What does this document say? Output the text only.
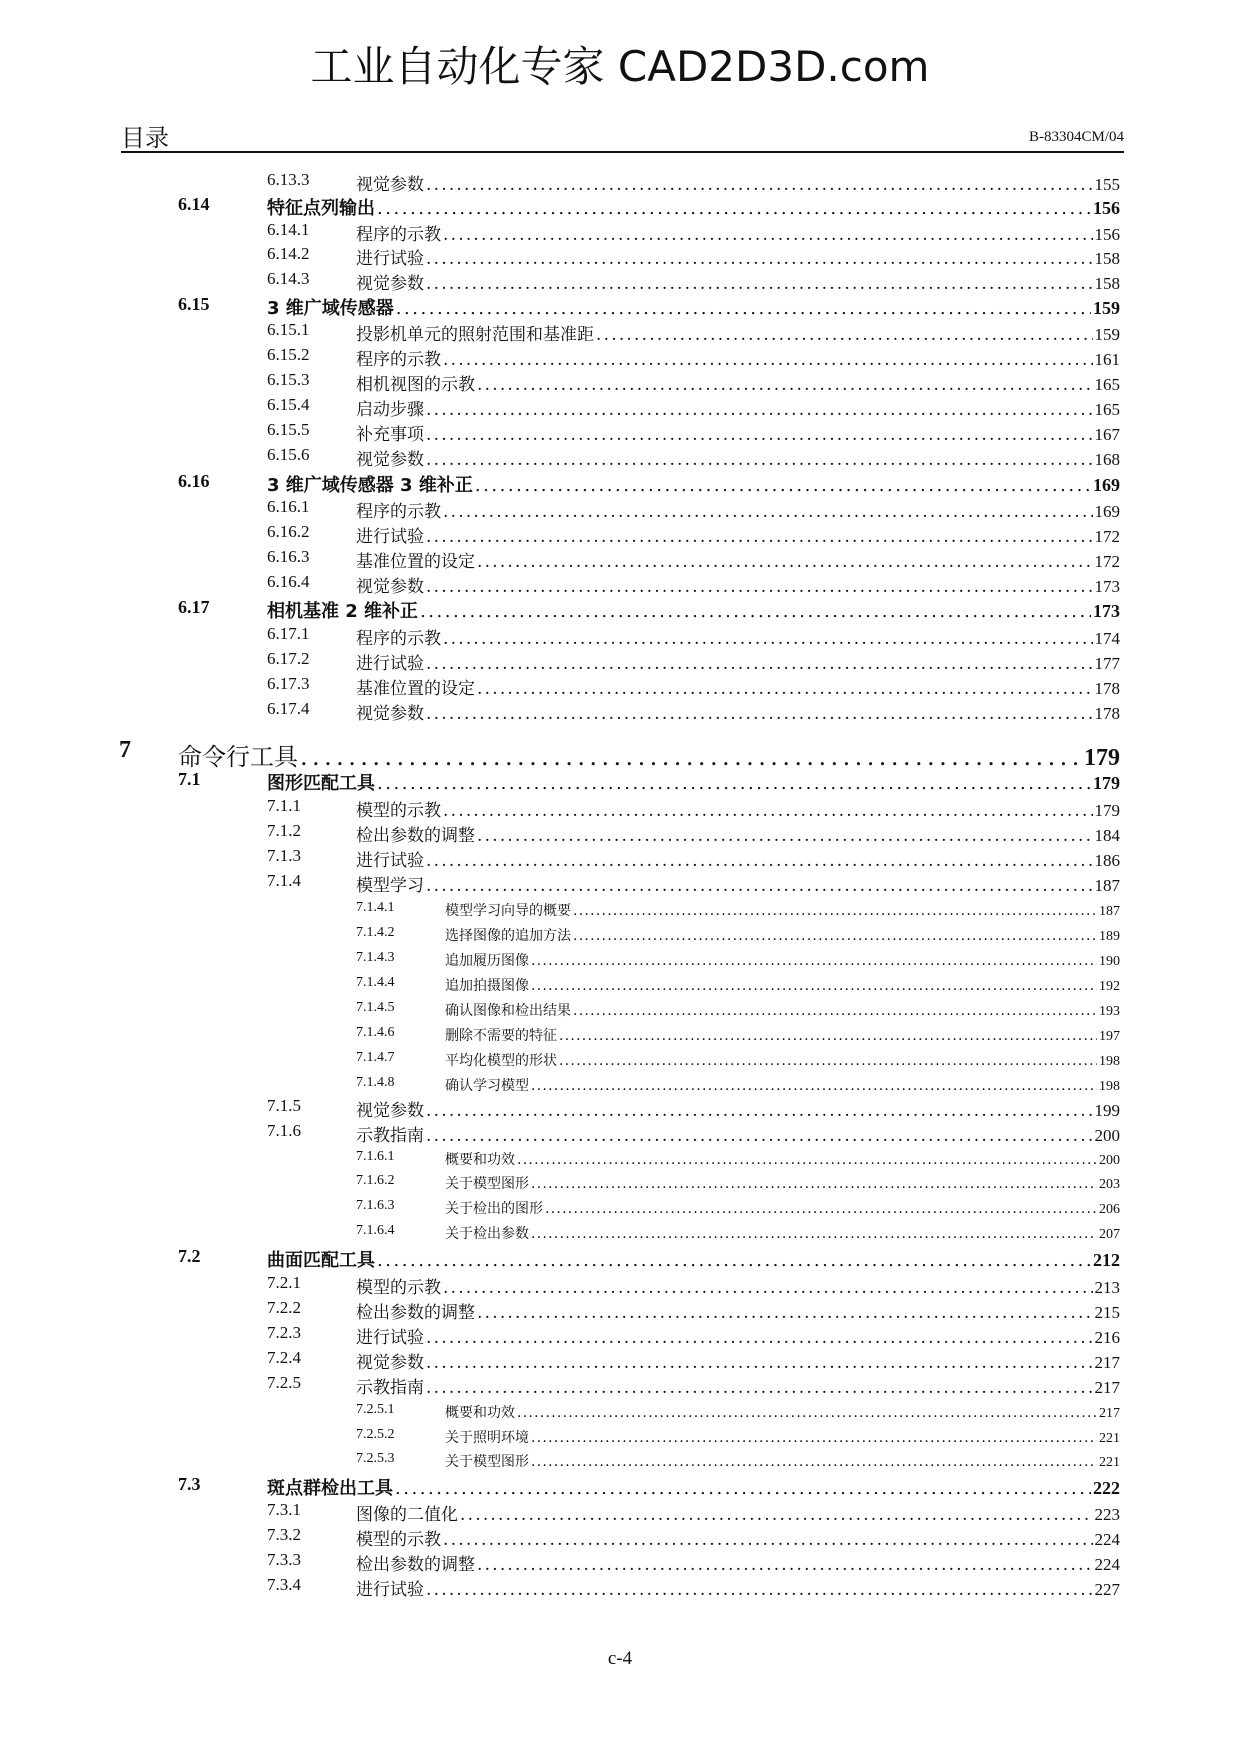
工业自动化专家 CAD2D3D.com
目录	B-83304CM/04
6.13.3	视觉参数 . . .	155
6.14	特征点列输出 . . .	156
6.14.1	程序的示教 . . .	156
6.14.2	进行试验 . . .	158
6.14.3	视觉参数 . . .	158
6.15	3 维广域传感器 . . .	159
6.15.1	投影机单元的照射范围和基准距 . . .	159
6.15.2	程序的示教 . . .	161
6.15.3	相机视图的示教 . . .	165
6.15.4	启动步骤 . . .	165
6.15.5	补充事项 . . .	167
6.15.6	视觉参数 . . .	168
6.16	3 维广域传感器 3 维补正 . . .	169
6.16.1	程序的示教 . . .	169
6.16.2	进行试验 . . .	172
6.16.3	基准位置的设定 . . .	172
6.16.4	视觉参数 . . .	173
6.17	相机基准 2 维补正 . . .	173
6.17.1	程序的示教 . . .	174
6.17.2	进行试验 . . .	177
6.17.3	基准位置的设定 . . .	178
6.17.4	视觉参数 . . .	178
7 命令行工具 . . .	179
7.1	图形匹配工具 . . .	179
7.1.1	模型的示教 . . .	179
7.1.2	检出参数的调整 . . .	184
7.1.3	进行试验 . . .	186
7.1.4	模型学习 . . .	187
7.1.4.1	模型学习向导的概要 . . .	187
7.1.4.2	选择图像的追加方法 . . .	189
7.1.4.3	追加履历图像 . . .	190
7.1.4.4	追加拍摄图像 . . .	192
7.1.4.5	确认图像和检出结果 . . .	193
7.1.4.6	删除不需要的特征 . . .	197
7.1.4.7	平均化模型的形状 . . .	198
7.1.4.8	确认学习模型 . . .	198
7.1.5	视觉参数 . . .	199
7.1.6	示教指南 . . .	200
7.1.6.1	概要和功效 . . .	200
7.1.6.2	关于模型图形 . . .	203
7.1.6.3	关于检出的图形 . . .	206
7.1.6.4	关于检出参数 . . .	207
7.2	曲面匹配工具 . . .	212
7.2.1	模型的示教 . . .	213
7.2.2	检出参数的调整 . . .	215
7.2.3	进行试验 . . .	216
7.2.4	视觉参数 . . .	217
7.2.5	示教指南 . . .	217
7.2.5.1	概要和功效 . . .	217
7.2.5.2	关于照明环境 . . .	221
7.2.5.3	关于模型图形 . . .	221
7.3	斑点群检出工具 . . .	222
7.3.1	图像的二值化 . . .	223
7.3.2	模型的示教 . . .	224
7.3.3	检出参数的调整 . . .	224
7.3.4	进行试验 . . .	227
c-4
